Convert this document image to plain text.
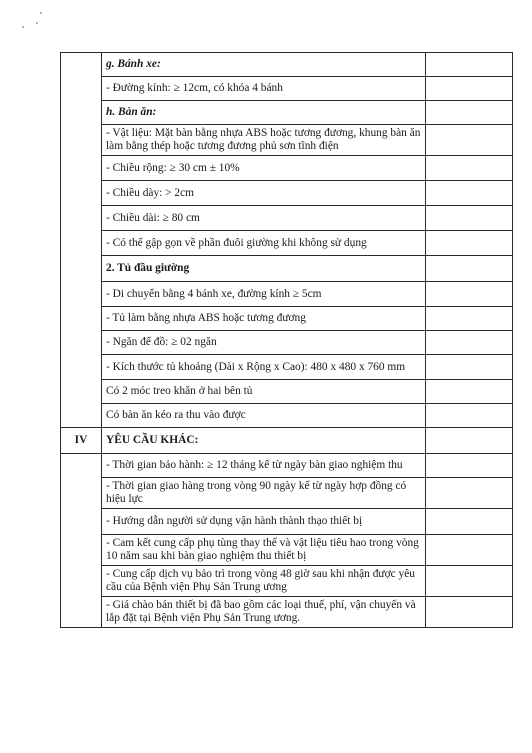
	g. Bánh xe:	
	- Đường kính: ≥ 12cm, có khóa 4 bánh	
	h. Bàn ăn:	
	- Vật liệu: Mặt bàn bằng nhựa ABS hoặc tương đương, khung bàn ăn làm bằng thép hoặc tương đương phủ sơn tĩnh điện	
	- Chiều rộng: ≥ 30 cm ± 10%	
	- Chiều dày: > 2cm	
	- Chiều dài: ≥ 80 cm	
	- Có thể gập gọn về phần đuôi giường khi không sử dụng	
	2. Tủ đầu giường	
	- Di chuyển bằng 4 bánh xe, đường kính ≥ 5cm	
	- Tủ làm bằng nhựa ABS hoặc tương đương	
	- Ngăn để đồ: ≥ 02 ngăn	
	- Kích thước tủ khoảng (Dài x Rộng x Cao): 480 x 480 x 760 mm	
	Có 2 móc treo khăn ở hai bên tủ	
	Có bàn ăn kéo ra thu vào được	
IV	YÊU CẦU KHÁC:	
	- Thời gian bảo hành: ≥ 12 tháng kể từ ngày bàn giao nghiệm thu	
	- Thời gian giao hàng trong vòng 90 ngày kể từ ngày hợp đồng có hiệu lực	
	- Hướng dẫn người sử dụng vận hành thành thạo thiết bị	
	- Cam kết cung cấp phụ tùng thay thế và vật liệu tiêu hao trong vòng 10 năm sau khi bàn giao nghiệm thu thiết bị	
	- Cung cấp dịch vụ bảo trì trong vòng 48 giờ sau khi nhận được yêu cầu của Bệnh viện Phụ Sản Trung ương	
	- Giá chào bán thiết bị đã bao gồm các loại thuế, phí, vận chuyển và lắp đặt tại Bệnh viện Phụ Sản Trung ương.	
